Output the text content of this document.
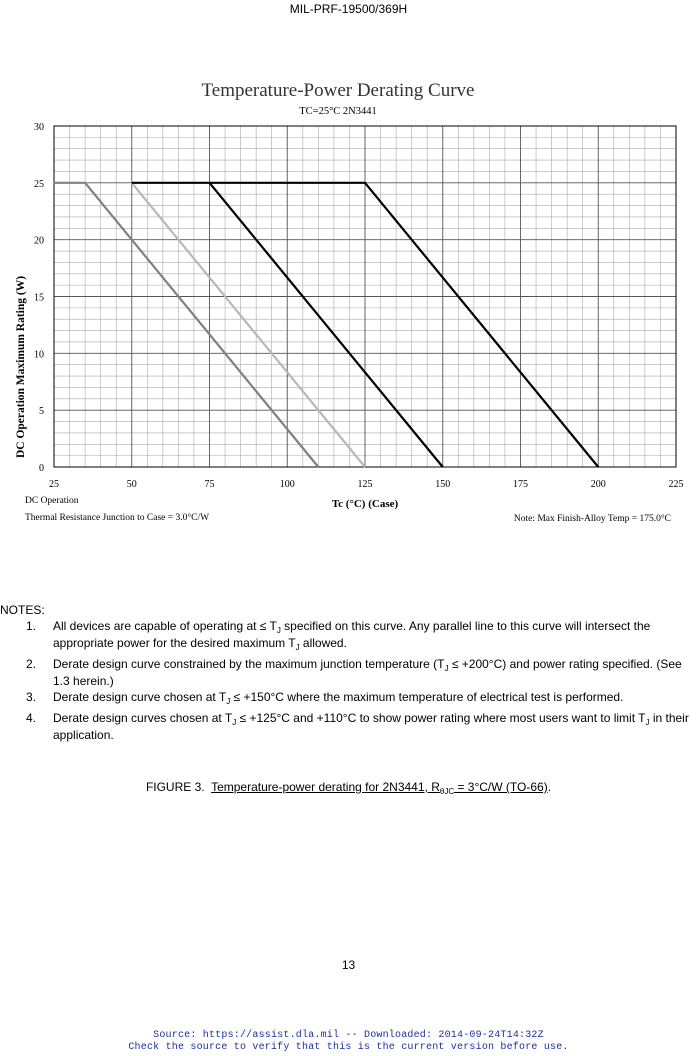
MIL-PRF-19500/369H
Temperature-Power Derating Curve
TC=25°C 2N3441
25	50	75	100	125	150	175	200	225
0
5
10
15
20
25
30
DC Operation Maximum Rating (W)
Tc (°C) (Case)
DC Operation
Thermal Resistance Junction to Case = 3.0°C/W	Note: Max Finish-Alloy Temp = 175.0°C
NOTES:
1.	All devices are capable of operating at ≤ $T_J$ specified on this curve. Any parallel line to this curve will intersect the appropriate power for the desired maximum $T_J$ allowed.
2.	Derate design curve constrained by the maximum junction temperature $(T_J \le +200^\circ C)$ and power rating specified. (See 1.3 herein.)
3.	Derate design curve chosen at $T_J \le +150^\circ C$ where the maximum temperature of electrical test is performed.
4.	Derate design curves chosen at $T_J \le +125^\circ C$ and +110°C to show power rating where most users want to limit $T_J$ in their application.
FIGURE 3. Temperature-power derating for 2N3441, $R_{\theta JC} = 3^\circ C/W$ (TO-66).
13
Source: https://assist.dla.mil -- Downloaded: 2014-09-24T14:32Z
Check the source to verify that this is the current version before use.
